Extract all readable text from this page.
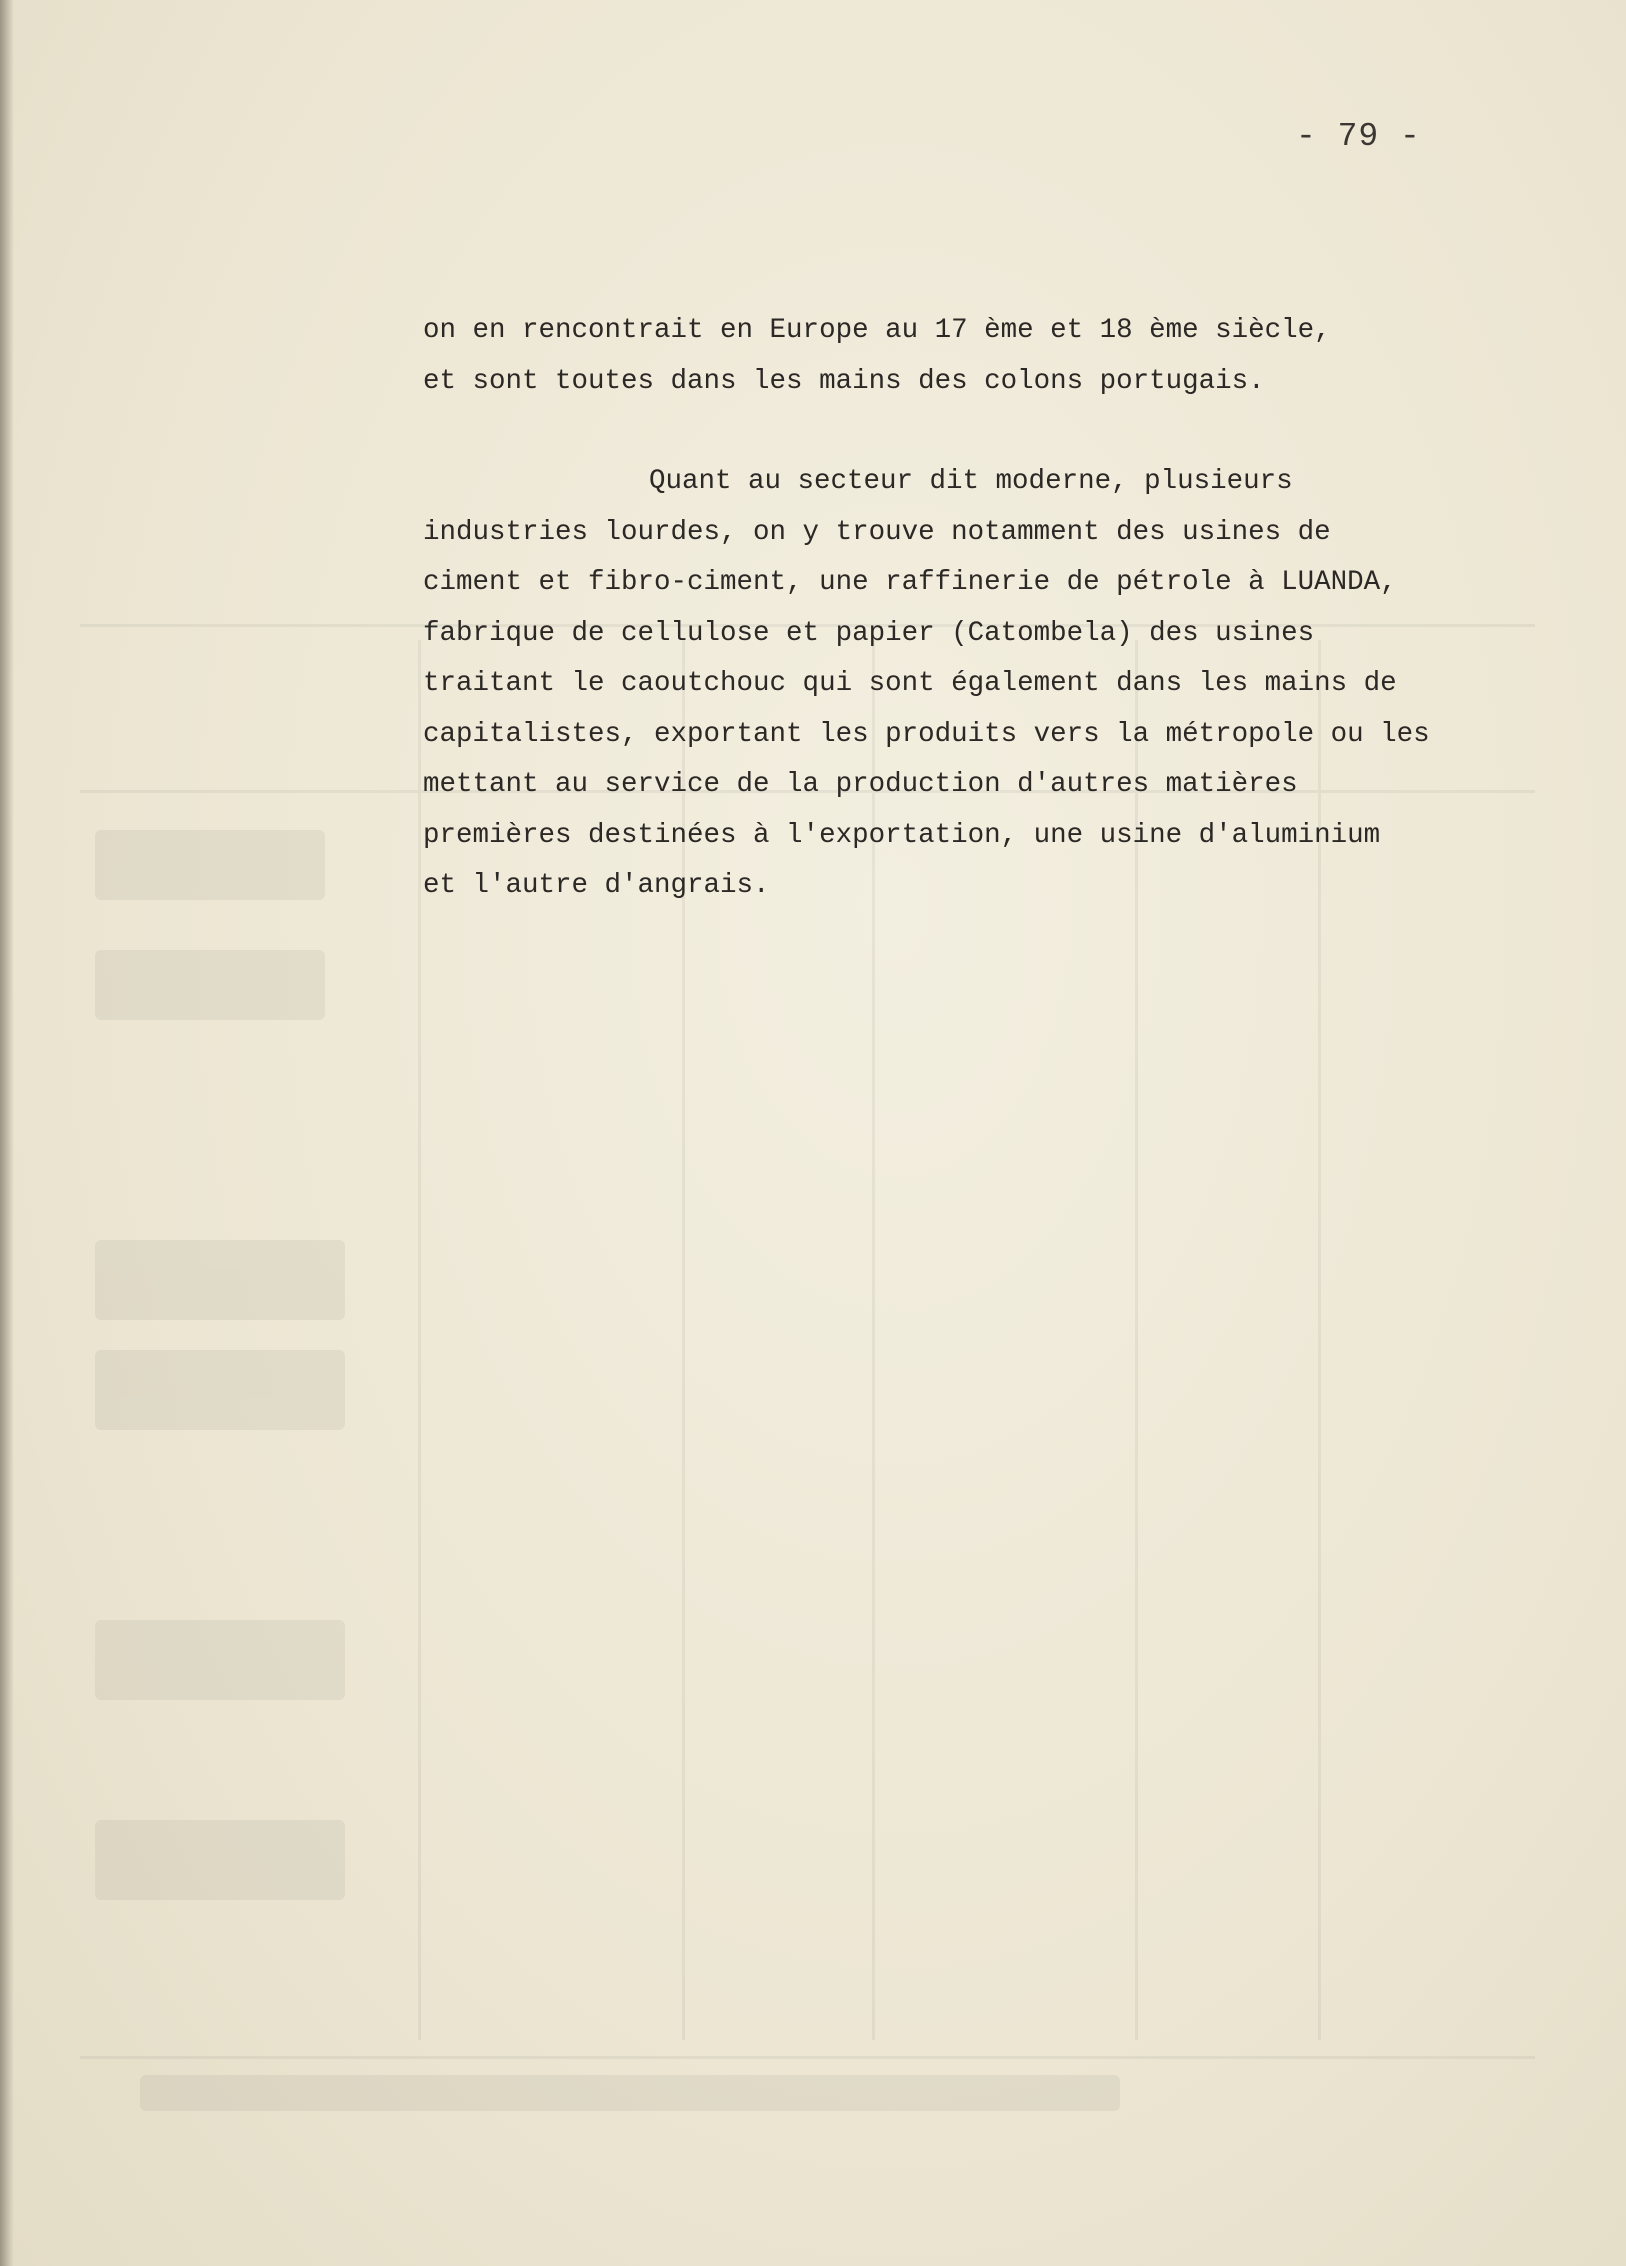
- 79 -
on en rencontrait en Europe au 17 ème et 18 ème siècle,
et sont toutes dans les mains des colons portugais.
Quant au secteur dit moderne, plusieurs
industries lourdes, on y trouve notamment des usines de
ciment et fibro-ciment, une raffinerie de pétrole à LUANDA,
fabrique de cellulose et papier (Catombela) des usines
traitant le caoutchouc qui sont également dans les mains de
capitalistes, exportant les produits vers la métropole ou les
mettant au service de la production d'autres matières
premières destinées à l'exportation, une usine d'aluminium
et l'autre d'angrais.
